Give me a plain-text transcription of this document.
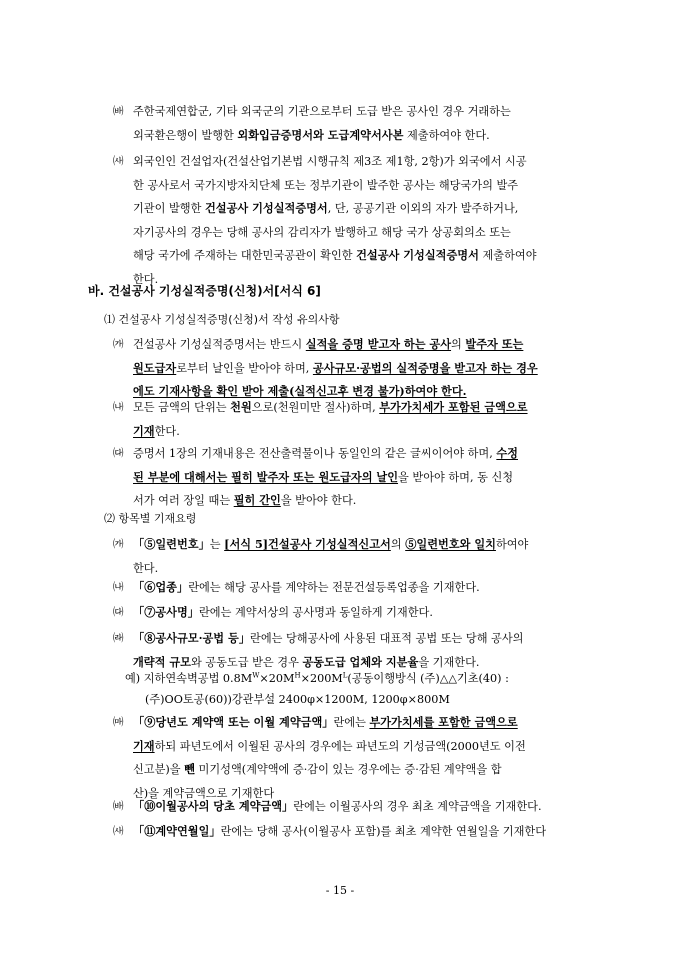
㈓ 주한국제연합군, 기타 외국군의 기관으로부터 도급 받은 공사인 경우 거래하는
외국환은행이 발행한 외화입금증명서와 도급계약서사본 제출하여야 한다.
㈔ 외국인인 건설업자(건설산업기본법 시행규칙 제3조 제1항, 2항)가 외국에서 시공
한 공사로서 국가지방자치단체 또는 정부기관이 발주한 공사는 해당국가의 발주
기관이 발행한 건설공사 기성실적증명서, 단, 공공기관 이외의 자가 발주하거나,
자기공사의 경우는 당해 공사의 감리자가 발행하고 해당 국가 상공회의소 또는
해당 국가에 주재하는 대한민국공관이 확인한 건설공사 기성실적증명서 제출하여야
한다.
바. 건설공사 기성실적증명(신청)서[서식 6]
⑴ 건설공사 기성실적증명(신청)서 작성 유의사항
㈎ 건설공사 기성실적증명서는 반드시 실적을 증명 받고자 하는 공사의 발주자 또는
원도급자로부터 날인을 받아야 하며, 공사규모·공법의 실적증명을 받고자 하는 경우
에도 기재사항을 확인 받아 제출(실적신고후 변경 불가)하여야 한다.
㈏ 모든 금액의 단위는 천원으로(천원미만 절사)하며, 부가가치세가 포함된 금액으로
기재한다.
㈐ 증명서 1장의 기재내용은 전산출력물이나 동일인의 같은 글씨이어야 하며, 수정
된 부분에 대해서는 필히 발주자 또는 원도급자의 날인을 받아야 하며, 동 신청
서가 여러 장일 때는 필히 간인을 받아야 한다.
⑵ 항목별 기재요령
㈎ 「⑤일련번호」는 [서식 5]건설공사 기성실적신고서의 ⑤일련번호와 일치하여야
한다.
㈏ 「⑥업종」란에는 해당 공사를 계약하는 전문건설등록업종을 기재한다.
㈐ 「⑦공사명」란에는 계약서상의 공사명과 동일하게 기재한다.
㈑ 「⑧공사규모·공법 등」란에는 당해공사에 사용된 대표적 공법 또는 당해 공사의
개략적 규모와 공동도급 받은 경우 공동도급 업체와 지분율을 기재한다.
예) 지하연속벽공법 $0.8M^W\times 20M^H\times 200M^L$(공동이행방식 (주)△△기초(40) :
(주)OO토공(60))강관부설 2400φ×1200M, 1200φ×800M
㈒ 「⑨당년도 계약액 또는 이월 계약금액」란에는 부가가치세를 포함한 금액으로
기재하되 파년도에서 이월된 공사의 경우에는 파년도의 기성금액(2000년도 이전
신고분)을 뺀 미기성액(계약액에 증·감이 있는 경우에는 증·감된 계약액을 합
산)을 계약금액으로 기재한다
㈓ 「⑩이월공사의 당초 계약금액」란에는 이월공사의 경우 최초 계약금액을 기재한다.
㈔ 「⑪계약연월일」란에는 당해 공사(이월공사 포함)를 최초 계약한 연월일을 기재한다
- 15 -
